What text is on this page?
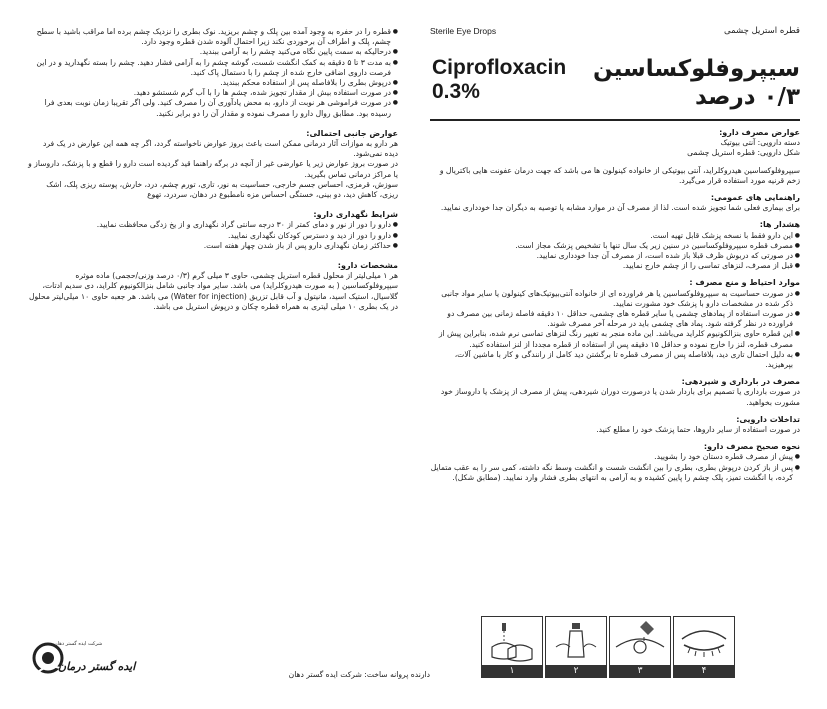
قطره استریل چشمی
Sterile Eye Drops
سیپروفلوکساسین
۰/۳ درصد
Ciprofloxacin
0.3%
عوارض مصرف دارو:

دسته دارویی: آنتی بیوتیک

شکل دارویی: قطره استریل چشمی

سیپروفلوکساسین هیدروکلراید، آنتی بیوتیکی از خانواده کینولون ها می باشد که جهت درمان عفونت هایی باکتریال و زخم قرنیه مورد استفاده قرار می‌گیرد.

راهنمایی های عمومی:

برای بیماری فعلی شما تجویز شده است. لذا از مصرف آن در موارد مشابه یا توصیه به دیگران جدا خودداری نمایید.

هشدار ها:
● این دارو فقط با نسخه پزشک قابل تهیه است.
● مصرف قطره سیپروفلوکساسین در سنین زیر یک سال تنها با تشخیص پزشک مجاز است.
● در صورتی که دربوش ظرف قبلا باز شده است، از مصرف آن جدا خودداری نمایید.
● قبل از مصرف، لنزهای تماسی را از چشم خارج نمایید.
موارد احتیاط و منع مصرف :
● در صورت حساسیت به سیپروفلوکساسین یا هر فراورده ای از خانواده آنتی‌بیوتیک‌های کینولون یا سایر مواد جانبی ذکر شده در مشخصات دارو با پزشک خود مشورت نمایید.
● در صورت استفاده از پمادهای چشمی یا سایر قطره های چشمی، حداقل ۱۰ دقیقه فاصله زمانی بین مصرف دو فراورده در نظر گرفته شود. پماد های چشمی باید در مرحله آخر مصرف شوند.
● این قطره حاوی بنزالکونیوم کلراید می‌باشد. این ماده منجر به تغییر رنگ لنزهای تماسی نرم شده، بنابراین پیش از مصرف قطره، لنز را خارج نموده و حداقل ۱۵ دقیقه پس از استفاده از قطره مجددا از لنز استفاده کنید.
● به دلیل احتمال تاری دید، بلافاصله پس از مصرف قطره تا برگشتن دید کامل از رانندگی و کار با ماشین آلات، بپرهیزید.
مصرف در بارداری و شیردهی:

در صورت بارداری یا تصمیم برای باردار شدن یا درصورت دوران شیردهی، پیش از مصرف از پزشک یا داروساز خود مشورت بخواهید.

تداخلات دارویی:

در صورت استفاده از سایر داروها، حتما پزشک خود را مطلع کنید.

نحوه صحیح مصرف دارو:
● پیش از مصرف قطره دستان خود را بشویید.
● پس از باز کردن درپوش بطری، بطری را بین انگشت شست و انگشت وسط نگه داشته، کمی سر را به عقب متمایل کرده، با انگشت تمیز، پلک چشم را پایین کشیده و به آرامی به انتهای بطری فشار وارد نمایید. (مطابق شکل).
● قطره را در حفره به وجود آمده بین پلک و چشم بریزید. نوک بطری را نزدیک چشم برده اما مراقب باشید با سطح چشم، پلک و اطراف آن برخوردی نکند زیرا احتمال آلوده شدن قطره وجود دارد.
● درحالیکه به سمت پایین نگاه می‌کنید چشم را به آرامی ببندید.
● به مدت ۳ تا ۵ دقیقه به کمک انگشت شست، گوشه چشم را به آرامی فشار دهید. چشم را بسته نگهدارید و در این فرصت داروی اضافی خارج شده از چشم را با دستمال پاک کنید.
● درپوش بطری را بلافاصله پس از استفاده محکم ببندید.
● در صورت استفاده بیش از مقدار تجویز شده، چشم ها را با آب گرم شستشو دهید.
● در صورت فراموشی هر نوبت از دارو، به محض یادآوری آن را مصرف کنید. ولی اگر تقریبا زمان نوبت بعدی فرا رسیده بود. مطابق روال دارو را مصرف نموده و مقدار آن را دو برابر نکنید.
عوارض جانبی احتمالی:

هر دارو به موازات آثار درمانی ممکن است باعث بروز عوارض ناخواسته گردد، اگر چه همه این عوارض در یک فرد دیده نمی‌شود.

در صورت بروز عوارض زیر یا عوارضی غیر از آنچه در برگه راهنما قید گردیده است دارو را قطع و با پزشک، داروساز و یا مراکز درمانی تماس بگیرید.

سوزش، قرمزی، احساس جسم خارجی، حساسیت به نور، تاری، تورم چشم، درد، خارش، پوسته ریزی پلک، اشک ریزی، کاهش دید، دو بینی، خستگی احساس مزه نامطبوع در دهان، سردرد، تهوع

شرایط نگهداری دارو:
● دارو را دور از نور و دمای کمتر از ۳۰ درجه سانتی گراد نگهداری و از یخ زدگی محافظت نمایید.
● دارو را دور از دید و دسترس کودکان نگهداری نمایید.
● حداکثر زمان نگهداری دارو پس از باز شدن چهار هفته است.
مشخصات دارو:

هر ۱ میلی‌لیتر از محلول قطره استریل چشمی، حاوی ۳ میلی گرم (۰/۳ درصد وزنی/حجمی) ماده موثره سیپروفلوکساسین ( به صورت هیدروکلراید) می باشد. سایر مواد جانبی شامل بنزالکونیوم کلراید، دی سدیم ادتات، گلاسیال، استیک اسید، مانیتول و آب قابل تزریق (Water for injection) می باشد. هر جعبه حاوی ۱۰ میلی‌لیتر محلول در یک بطری ۱۰ میلی لیتری به همراه قطره چکان و درپوش استریل می باشد.

۱	۲	۳	۴
دارنده پروانه ساخت: شرکت ایده گستر دهان
شرکت ایده گستر دهان
ایده گستر درمان
